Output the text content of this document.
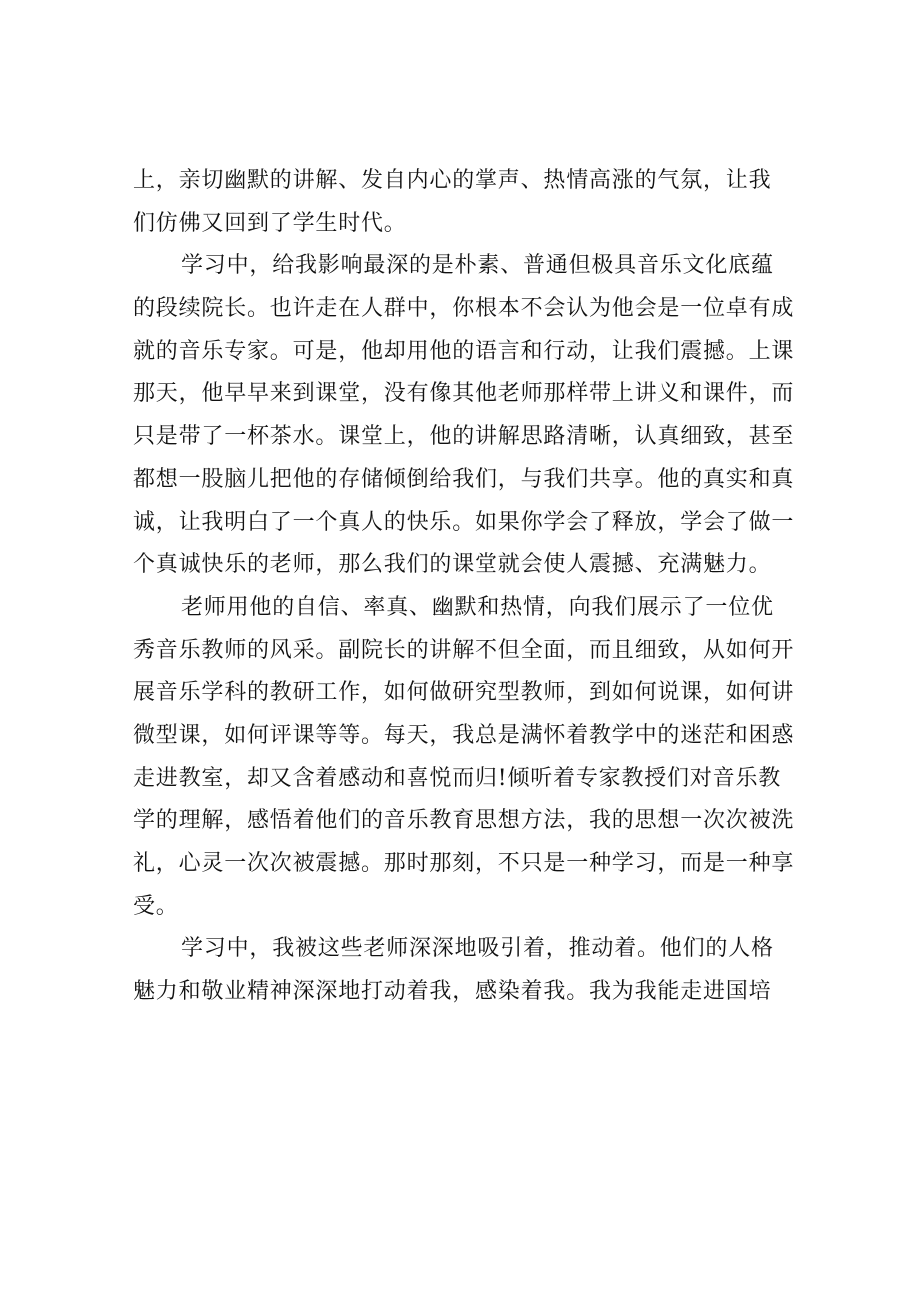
上，亲切幽默的讲解、发自内心的掌声、热情高涨的气氛，让我
们仿佛又回到了学生时代。
学习中，给我影响最深的是朴素、普通但极具音乐文化底蕴
的段续院长。也许走在人群中，你根本不会认为他会是一位卓有成
就的音乐专家。可是，他却用他的语言和行动，让我们震撼。上课
那天，他早早来到课堂，没有像其他老师那样带上讲义和课件，而
只是带了一杯茶水。课堂上，他的讲解思路清晰，认真细致，甚至
都想一股脑儿把他的存储倾倒给我们，与我们共享。他的真实和真
诚，让我明白了一个真人的快乐。如果你学会了释放，学会了做一
个真诚快乐的老师，那么我们的课堂就会使人震撼、充满魅力。
老师用他的自信、率真、幽默和热情，向我们展示了一位优
秀音乐教师的风采。副院长的讲解不但全面，而且细致，从如何开
展音乐学科的教研工作，如何做研究型教师，到如何说课，如何讲
微型课，如何评课等等。每天，我总是满怀着教学中的迷茫和困惑
走进教室，却又含着感动和喜悦而归!倾听着专家教授们对音乐教
学的理解，感悟着他们的音乐教育思想方法，我的思想一次次被洗
礼，心灵一次次被震撼。那时那刻，不只是一种学习，而是一种享
受。
学习中，我被这些老师深深地吸引着，推动着。他们的人格
魅力和敬业精神深深地打动着我，感染着我。我为我能走进国培
